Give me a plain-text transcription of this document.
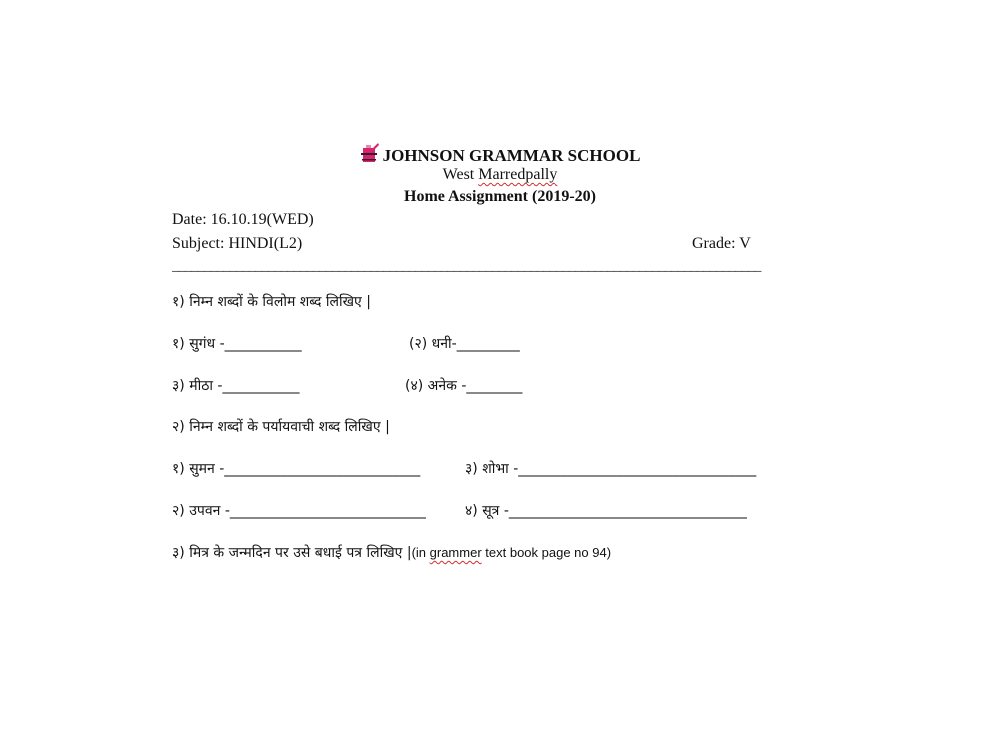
JOHNSON GRAMMAR SCHOOL
West Marredpally
Home Assignment (2019-20)
Date: 16.10.19(WED)
Subject: HINDI(L2)	Grade: V
____________________________________________________________________________________________
१) निम्न शब्दों के विलोम शब्द लिखिए |
१) सुगंध -___________	(२) धनी-_________
३) मीठा -___________	(४) अनेक -________
२) निम्न शब्दों के पर्यायवाची शब्द लिखिए |
१) सुमन -____________________________	३) शोभा -__________________________________
२) उपवन -____________________________	४) सूत्र -__________________________________
३) मित्र के जन्मदिन पर उसे बधाई पत्र लिखिए |(in grammer text book page no 94)
